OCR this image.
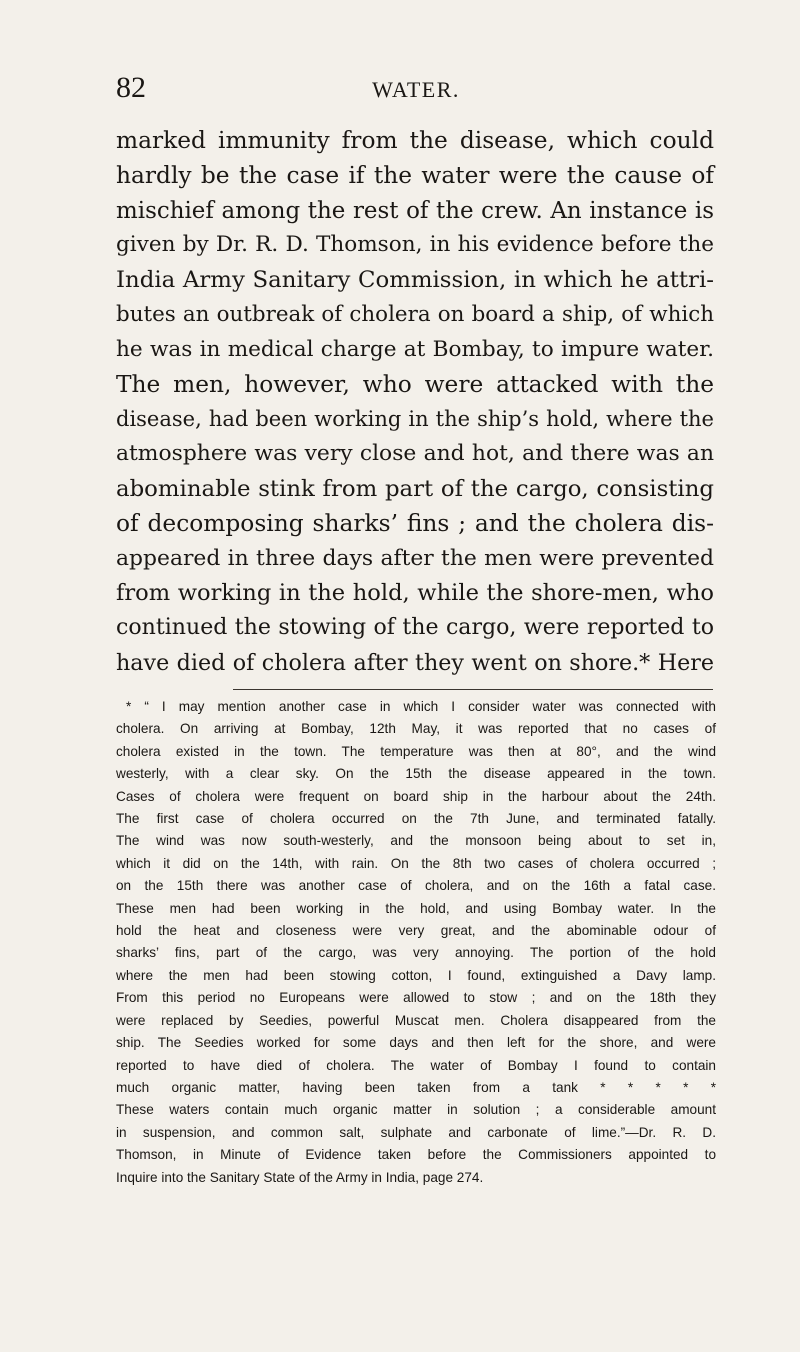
82	WATER.
marked immunity from the disease, which could
hardly be the case if the water were the cause of
mischief among the rest of the crew. An instance is
given by Dr. R. D. Thomson, in his evidence before the
India Army Sanitary Commission, in which he attri-
butes an outbreak of cholera on board a ship, of which
he was in medical charge at Bombay, to impure water.
The men, however, who were attacked with the
disease, had been working in the ship’s hold, where the
atmosphere was very close and hot, and there was an
abominable stink from part of the cargo, consisting
of decomposing sharks’ fins ; and the cholera dis-
appeared in three days after the men were prevented
from working in the hold, while the shore-men, who
continued the stowing of the cargo, were reported to
have died of cholera after they went on shore.* Here
* “ I may mention another case in which I consider water was connected with
cholera. On arriving at Bombay, 12th May, it was reported that no cases of
cholera existed in the town. The temperature was then at 80°, and the wind
westerly, with a clear sky. On the 15th the disease appeared in the town.
Cases of cholera were frequent on board ship in the harbour about the 24th.
The first case of cholera occurred on the 7th June, and terminated fatally.
The wind was now south-westerly, and the monsoon being about to set in,
which it did on the 14th, with rain. On the 8th two cases of cholera occurred ;
on the 15th there was another case of cholera, and on the 16th a fatal case.
These men had been working in the hold, and using Bombay water. In the
hold the heat and closeness were very great, and the abominable odour of
sharks’ fins, part of the cargo, was very annoying. The portion of the hold
where the men had been stowing cotton, I found, extinguished a Davy lamp.
From this period no Europeans were allowed to stow ; and on the 18th they
were replaced by Seedies, powerful Muscat men. Cholera disappeared from the
ship. The Seedies worked for some days and then left for the shore, and were
reported to have died of cholera. The water of Bombay I found to contain
much organic matter, having been taken from a tank * * * * *
These waters contain much organic matter in solution ; a considerable amount
in suspension, and common salt, sulphate and carbonate of lime.”—Dr. R. D.
Thomson, in Minute of Evidence taken before the Commissioners appointed to
Inquire into the Sanitary State of the Army in India, page 274.
